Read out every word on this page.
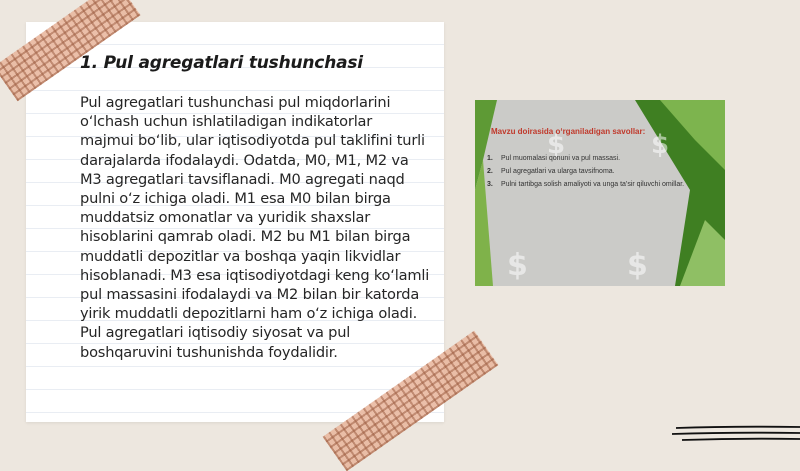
1. Pul agregatlari tushunchasi

Pul agregatlari tushunchasi pul miqdorlarini o‘lchash uchun ishlatiladigan indikatorlar majmui bo‘lib, ular iqtisodiyotda pul taklifini turli darajalarda ifodalaydi. Odatda, M0, M1, M2 va M3 agregatlari tavsiflanadi. M0 agregati naqd pulni o‘z ichiga oladi. M1 esa M0 bilan birga muddatsiz omonatlar va yuridik shaxslar hisoblarini qamrab oladi. M2 bu M1 bilan birga muddatli depozitlar va boshqa yaqin likvidlar hisoblanadi. M3 esa iqtisodiyotdagi keng ko‘lamli pul massasini ifodalaydi va M2 bilan bir katorda yirik muddatli depozitlarni ham o‘z ichiga oladi. Pul agregatlari iqtisodiy siyosat va pul boshqaruvini tushunishda foydalidir.

$	$
$	$

Mavzu doirasida o‘rganiladigan savollar:

1.	Pul muomalasi qonuni va pul massasi.
2.	Pul agregatlari va ularga tavsifnoma.
3.	Pulni tartibga solish amaliyoti va unga ta’sir qiluvchi omillar.
